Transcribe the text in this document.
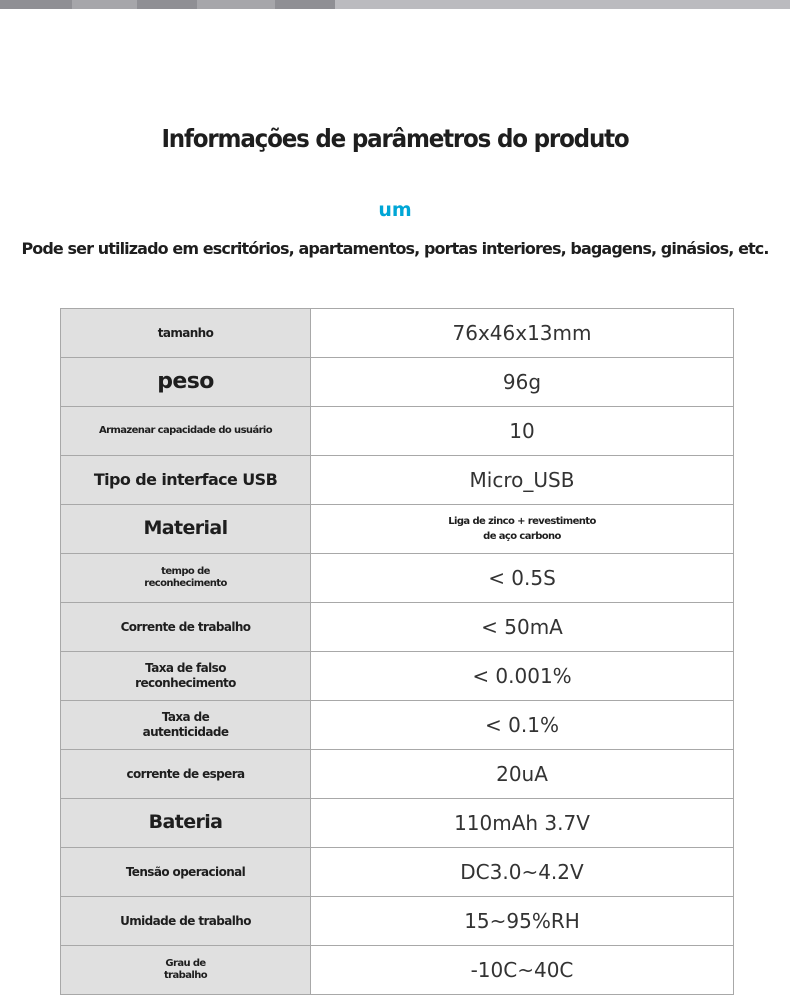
Informações de parâmetros do produto
um
Pode ser utilizado em escritórios, apartamentos, portas interiores, bagagens, ginásios, etc.
tamanho	76x46x13mm
peso	96g
Armazenar capacidade do usuário	10
Tipo de interface USB	Micro_USB
Material	Liga de zinco + revestimento de aço carbono
tempo de reconhecimento	< 0.5S
Corrente de trabalho	< 50mA
Taxa de falso reconhecimento	< 0.001%
Taxa de autenticidade	< 0.1%
corrente de espera	20uA
Bateria	110mAh 3.7V
Tensão operacional	DC3.0~4.2V
Umidade de trabalho	15~95%RH
Grau de trabalho	-10C~40C
